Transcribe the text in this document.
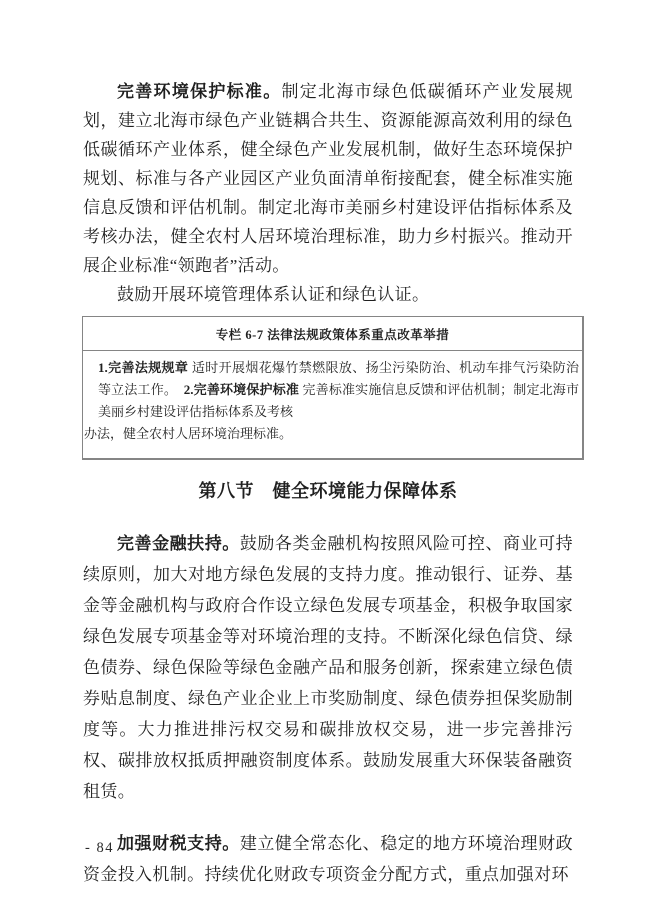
完善环境保护标准。制定北海市绿色低碳循环产业发展规划，建立北海市绿色产业链耦合共生、资源能源高效利用的绿色低碳循环产业体系，健全绿色产业发展机制，做好生态环境保护规划、标准与各产业园区产业负面清单衔接配套，健全标准实施信息反馈和评估机制。制定北海市美丽乡村建设评估指标体系及考核办法，健全农村人居环境治理标准，助力乡村振兴。推动开展企业标准“领跑者”活动。

鼓励开展环境管理体系认证和绿色认证。

专栏 6-7 法律法规政策体系重点改革举措
1.完善法规规章 适时开展烟花爆竹禁燃限放、扬尘污染防治、机动车排气污染防治等立法工作。　2.完善环境保护标准 完善标准实施信息反馈和评估机制；制定北海市美丽乡村建设评估指标体系及考核
办法，健全农村人居环境治理标准。
第八节　健全环境能力保障体系

完善金融扶持。鼓励各类金融机构按照风险可控、商业可持续原则，加大对地方绿色发展的支持力度。推动银行、证券、基金等金融机构与政府合作设立绿色发展专项基金，积极争取国家绿色发展专项基金等对环境治理的支持。不断深化绿色信贷、绿色债券、绿色保险等绿色金融产品和服务创新，探索建立绿色债券贴息制度、绿色产业企业上市奖励制度、绿色债券担保奖励制度等。大力推进排污权交易和碳排放权交易，进一步完善排污权、碳排放权抵质押融资制度体系。鼓励发展重大环保装备融资租赁。

加强财税支持。建立健全常态化、稳定的地方环境治理财政　资金投入机制。持续优化财政专项资金分配方式，重点加强对环

- 84 -
